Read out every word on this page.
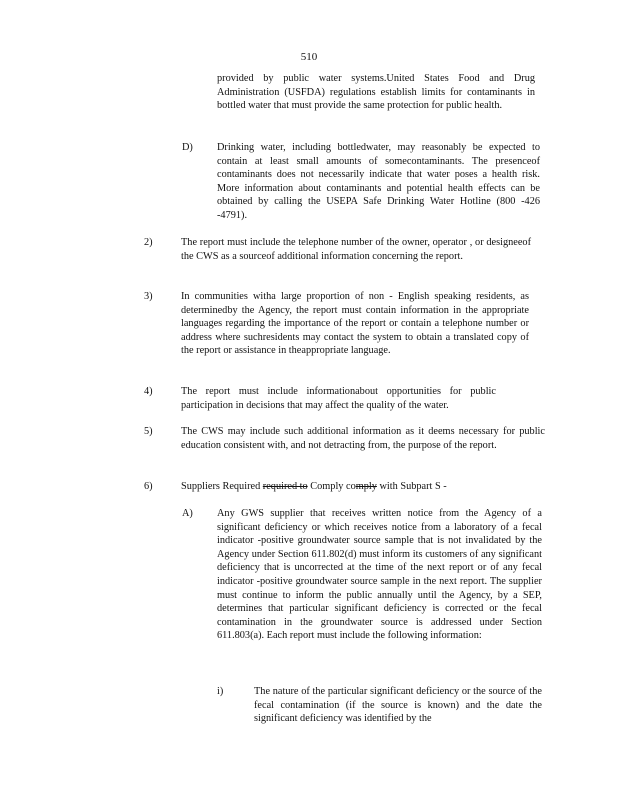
510

provided by public water systems.United States Food and Drug Administration (USFDA) regulations establish limits for contaminants in bottled water that must provide the same protection for public health.

D) Drinking water, including bottledwater, may reasonably be expected to contain at least small amounts of somecontaminants. The presenceof contaminants does not necessarily indicate that water poses a health risk. More information about contaminants and potential health effects can be obtained by calling the USEPA Safe Drinking Water Hotline (800 -426 -4791).

2)	The report must include the telephone number of the owner, operator , or designeeof the CWS as a sourceof additional information concerning the report.

3)	In communities witha large proportion of non - English speaking residents, as determinedby the Agency, the report must contain information in the appropriate languages regarding the importance of the report or contain a telephone number or address where suchresidents may contact the system to obtain a translated copy of the report or assistance in theappropriate language.

4)	The report must include informationabout opportunities for public participation in decisions that may affect the quality of the water.

5)	The CWS may include such additional information as it deems necessary for public education consistent with, and not detracting from, the purpose of the report.

6)	Suppliers Required required to Comply comply with Subpart S -

A) Any GWS supplier that receives written notice from the Agency of a significant deficiency or which receives notice from a laboratory of a fecal indicator -positive groundwater source sample that is not invalidated by the Agency under Section 611.802(d) must inform its customers of any significant deficiency that is uncorrected at the time of the next report or of any fecal indicator -positive groundwater source sample in the next report. The supplier must continue to inform the public annually until the Agency, by a SEP, determines that particular significant deficiency is corrected or the fecal contamination in the groundwater source is addressed under Section 611.803(a). Each report must include the following information:

i)	The nature of the particular significant deficiency or the source of the fecal contamination (if the source is known) and the date the significant deficiency was identified by the
